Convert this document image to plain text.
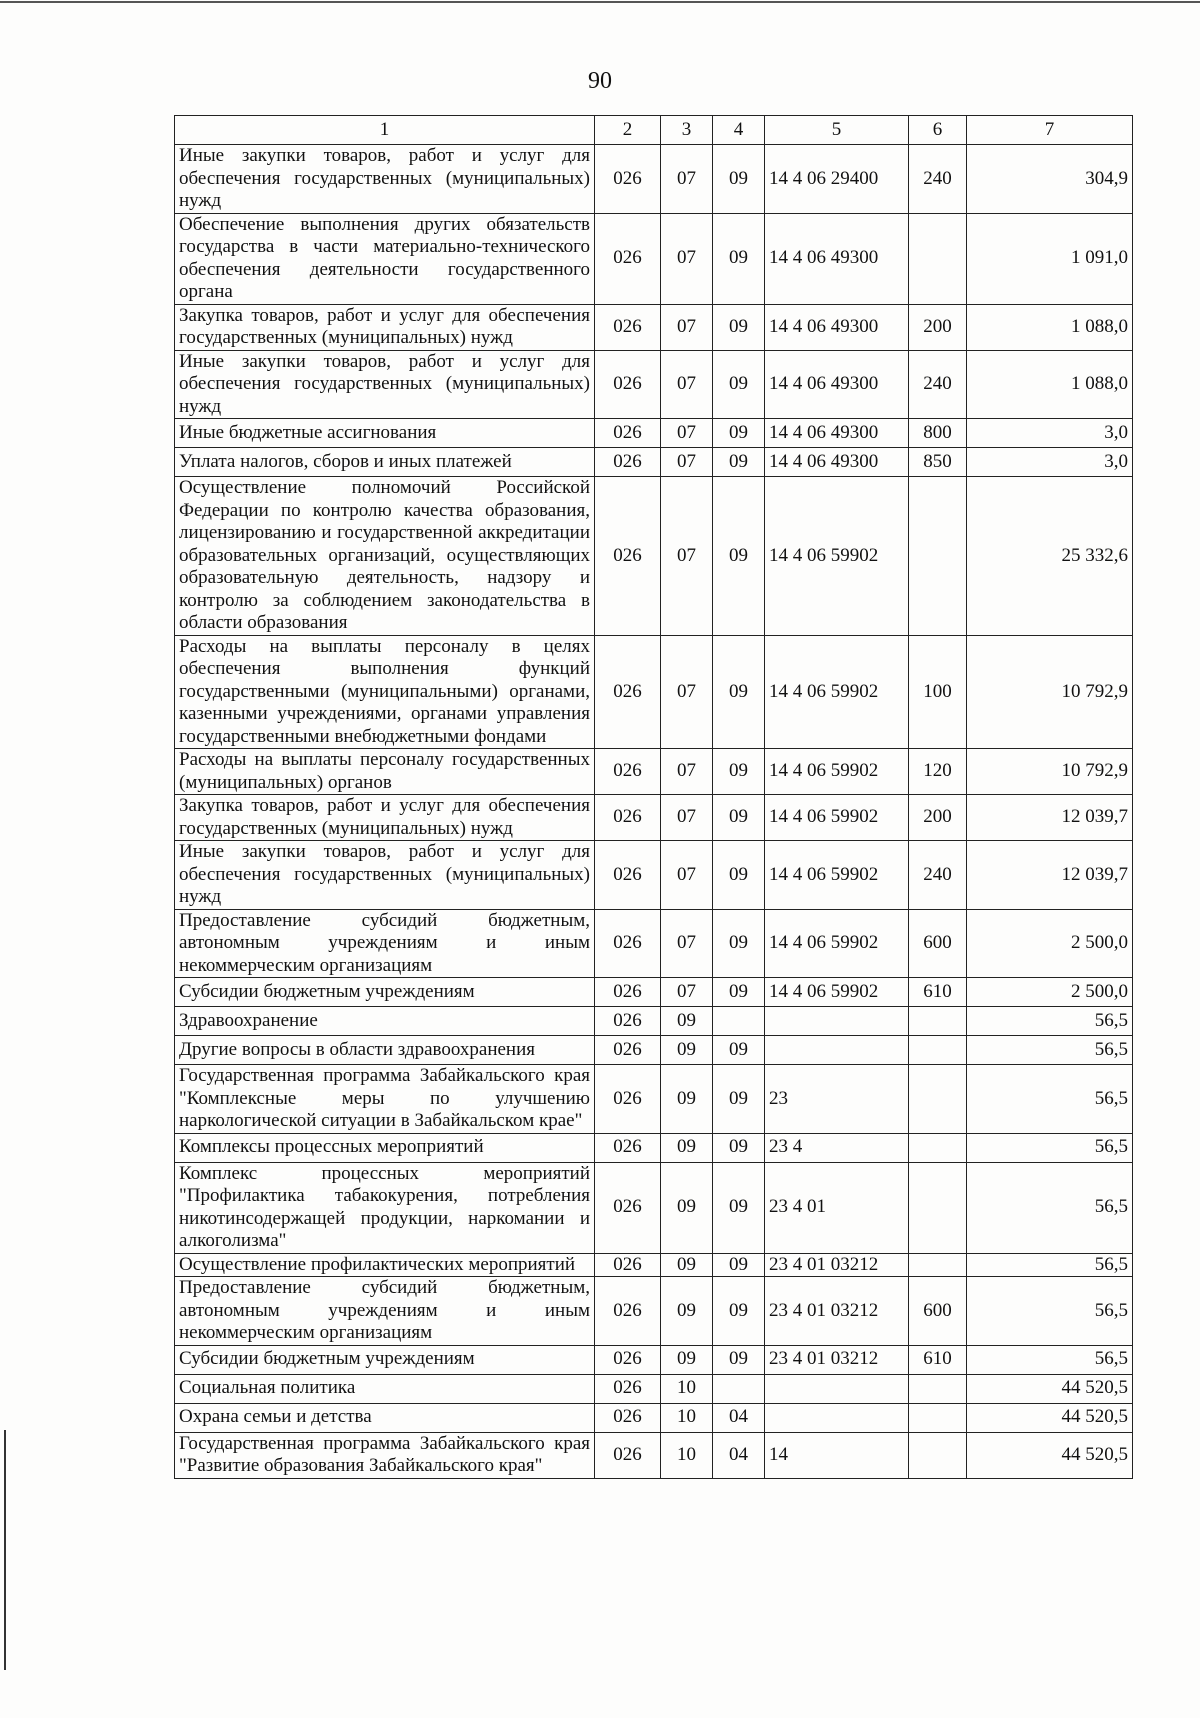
90
1	2	3	4	5	6	7
Иные закупки товаров, работ и услуг для обеспечения государственных (муниципальных) нужд	026	07	09	14 4 06 29400	240	304,9
Обеспечение выполнения других обязательств государства в части материально-технического обеспечения деятельности государственного органа	026	07	09	14 4 06 49300		1 091,0
Закупка товаров, работ и услуг для обеспечения государственных (муниципальных) нужд	026	07	09	14 4 06 49300	200	1 088,0
Иные закупки товаров, работ и услуг для обеспечения государственных (муниципальных) нужд	026	07	09	14 4 06 49300	240	1 088,0
Иные бюджетные ассигнования	026	07	09	14 4 06 49300	800	3,0
Уплата налогов, сборов и иных платежей	026	07	09	14 4 06 49300	850	3,0
Осуществление полномочий Российской Федерации по контролю качества образования, лицензированию и государственной аккредитации образовательных организаций, осуществляющих образовательную деятельность, надзору и контролю за соблюдением законодательства в области образования	026	07	09	14 4 06 59902		25 332,6
Расходы на выплаты персоналу в целях обеспечения выполнения функций государственными (муниципальными) органами, казенными учреждениями, органами управления государственными внебюджетными фондами	026	07	09	14 4 06 59902	100	10 792,9
Расходы на выплаты персоналу государственных (муниципальных) органов	026	07	09	14 4 06 59902	120	10 792,9
Закупка товаров, работ и услуг для обеспечения государственных (муниципальных) нужд	026	07	09	14 4 06 59902	200	12 039,7
Иные закупки товаров, работ и услуг для обеспечения государственных (муниципальных) нужд	026	07	09	14 4 06 59902	240	12 039,7
Предоставление субсидий бюджетным, автономным учреждениям и иным некоммерческим организациям	026	07	09	14 4 06 59902	600	2 500,0
Субсидии бюджетным учреждениям	026	07	09	14 4 06 59902	610	2 500,0
Здравоохранение	026	09				56,5
Другие вопросы в области здравоохранения	026	09	09			56,5
Государственная программа Забайкальского края "Комплексные меры по улучшению наркологической ситуации в Забайкальском крае"	026	09	09	23		56,5
Комплексы процессных мероприятий	026	09	09	23 4		56,5
Комплекс процессных мероприятий "Профилактика табакокурения, потребления никотинсодержащей продукции, наркомании и алкоголизма"	026	09	09	23 4 01		56,5
Осуществление профилактических мероприятий	026	09	09	23 4 01 03212		56,5
Предоставление субсидий бюджетным, автономным учреждениям и иным некоммерческим организациям	026	09	09	23 4 01 03212	600	56,5
Субсидии бюджетным учреждениям	026	09	09	23 4 01 03212	610	56,5
Социальная политика	026	10				44 520,5
Охрана семьи и детства	026	10	04			44 520,5
Государственная программа Забайкальского края "Развитие образования Забайкальского края"	026	10	04	14		44 520,5
